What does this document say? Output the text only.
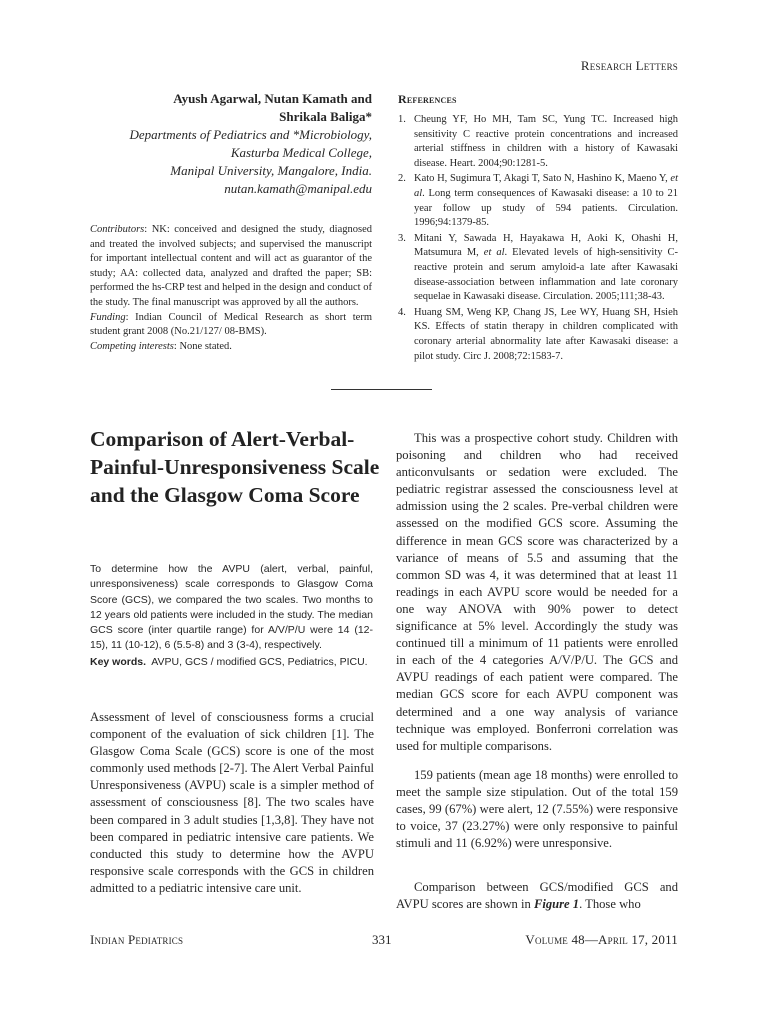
Research Letters
Ayush Agarwal, Nutan Kamath and
Shrikala Baliga*
Departments of Pediatrics and *Microbiology,
Kasturba Medical College,
Manipal University, Mangalore, India.
nutan.kamath@manipal.edu

Contributors: NK: conceived and designed the study, diagnosed and treated the involved subjects; and supervised the manuscript for important intellectual content and will act as guarantor of the study; AA: collected data, analyzed and drafted the paper; SB: performed the hs-CRP test and helped in the design and conduct of the study. The final manuscript was approved by all the authors.

Funding: Indian Council of Medical Research as short term student grant 2008 (No.21/127/ 08-BMS).

Competing interests: None stated.

References
1. Cheung YF, Ho MH, Tam SC, Yung TC. Increased high sensitivity C reactive protein concentrations and increased arterial stiffness in children with a history of Kawasaki disease. Heart. 2004;90:1281-5.
2. Kato H, Sugimura T, Akagi T, Sato N, Hashino K, Maeno Y, et al. Long term consequences of Kawasaki disease: a 10 to 21 year follow up study of 594 patients. Circulation. 1996;94:1379-85.
3. Mitani Y, Sawada H, Hayakawa H, Aoki K, Ohashi H, Matsumura M, et al. Elevated levels of high-sensitivity C-reactive protein and serum amyloid-a late after Kawasaki disease-association between inflammation and late coronary sequelae in Kawasaki disease. Circulation. 2005;111;38-43.
4. Huang SM, Weng KP, Chang JS, Lee WY, Huang SH, Hsieh KS. Effects of statin therapy in children complicated with coronary arterial abnormality late after Kawasaki disease: a pilot study. Circ J. 2008;72:1583-7.
Comparison of Alert-Verbal-Painful-Unresponsiveness Scale and the Glasgow Coma Score

To determine how the AVPU (alert, verbal, painful, unresponsiveness) scale corresponds to Glasgow Coma Score (GCS), we compared the two scales. Two months to 12 years old patients were included in the study. The median GCS score (inter quartile range) for A/V/P/U were 14 (12-15), 11 (10-12), 6 (5.5-8) and 3 (3-4), respectively.

Key words. AVPU, GCS / modified GCS, Pediatrics, PICU.

Assessment of level of consciousness forms a crucial component of the evaluation of sick children [1]. The Glasgow Coma Scale (GCS) score is one of the most commonly used methods [2-7]. The Alert Verbal Painful Unresponsiveness (AVPU) scale is a simpler method of assessment of consciousness [8]. The two scales have been compared in 3 adult studies [1,3,8]. They have not been compared in pediatric intensive care patients. We conducted this study to determine how the AVPU responsive scale corresponds with the GCS in children admitted to a pediatric intensive care unit.

This was a prospective cohort study. Children with poisoning and children who had received anticonvulsants or sedation were excluded. The pediatric registrar assessed the consciousness level at admission using the 2 scales. Pre-verbal children were assessed on the modified GCS score. Assuming the difference in mean GCS score was characterized by a variance of means of 5.5 and assuming that the common SD was 4, it was determined that at least 11 readings in each AVPU score would be needed for a one way ANOVA with 90% power to detect significance at 5% level. Accordingly the study was continued till a minimum of 11 patients were enrolled in each of the 4 categories A/V/P/U. The GCS and AVPU readings of each patient were compared. The median GCS score for each AVPU component was determined and a one way analysis of variance technique was employed. Bonferroni correlation was used for multiple comparisons.

159 patients (mean age 18 months) were enrolled to meet the sample size stipulation. Out of the total 159 cases, 99 (67%) were alert, 12 (7.55%) were responsive to voice, 37 (23.27%) were only responsive to painful stimuli and 11 (6.92%) were unresponsive.

Comparison between GCS/modified GCS and AVPU scores are shown in Figure 1. Those who

Indian Pediatrics	331	Volume 48—April 17, 2011
